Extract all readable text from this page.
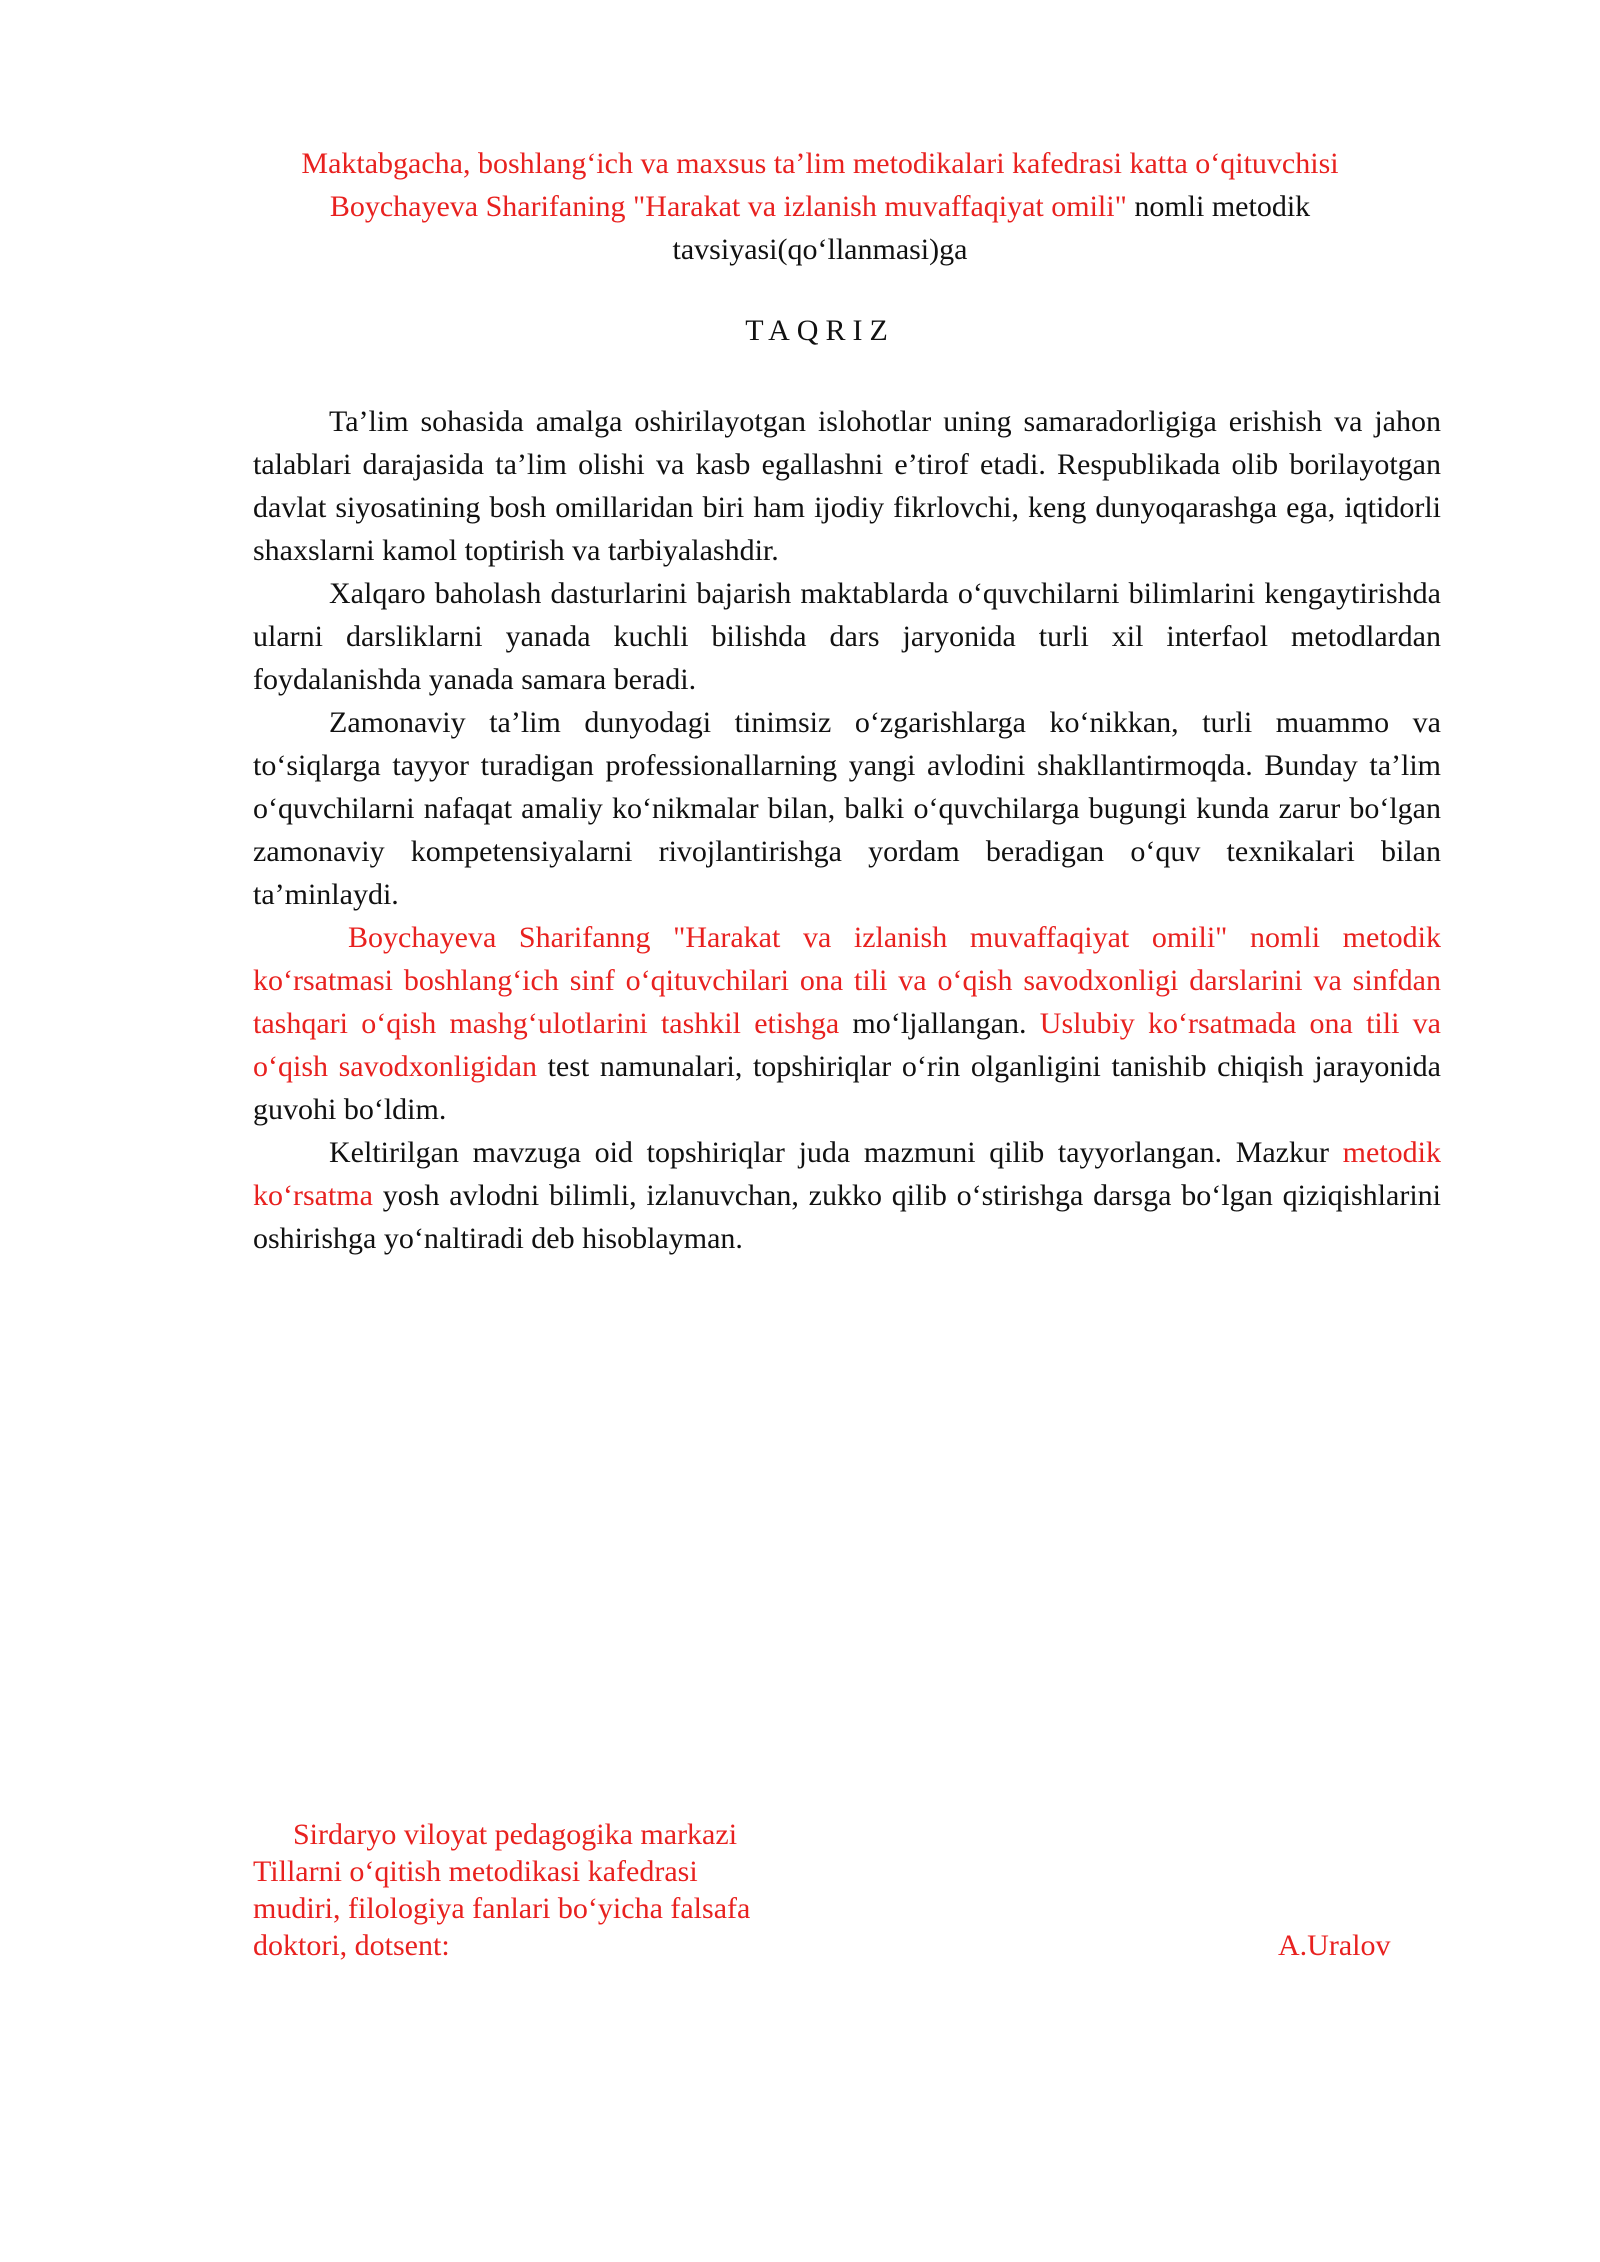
Maktabgacha, boshlang‘ich va maxsus ta’lim metodikalari kafedrasi katta o‘qituvchisi
Boychayeva Sharifaning "Harakat va izlanish muvaffaqiyat omili" nomli metodik
tavsiyasi(qo‘llanmasi)ga
TAQRIZ

Ta’lim sohasida amalga oshirilayotgan islohotlar uning samaradorligiga erishish va jahon talablari darajasida ta’lim olishi va kasb egallashni e’tirof etadi. Respublikada olib borilayotgan davlat siyosatining bosh omillaridan biri ham ijodiy fikrlovchi, keng dunyoqarashga ega, iqtidorli shaxslarni kamol toptirish va tarbiyalashdir.

Xalqaro baholash dasturlarini bajarish maktablarda o‘quvchilarni bilimlarini kengaytirishda ularni darsliklarni yanada kuchli bilishda dars jaryonida turli xil interfaol metodlardan foydalanishda yanada samara beradi.

Zamonaviy ta’lim dunyodagi tinimsiz o‘zgarishlarga ko‘nikkan, turli muammo va to‘siqlarga tayyor turadigan professionallarning yangi avlodini shakllantirmoqda. Bunday ta’lim o‘quvchilarni nafaqat amaliy ko‘nikmalar bilan, balki o‘quvchilarga bugungi kunda zarur bo‘lgan zamonaviy kompetensiyalarni rivojlantirishga yordam beradigan o‘quv texnikalari bilan ta’minlaydi.

Boychayeva Sharifanng "Harakat va izlanish muvaffaqiyat omili" nomli metodik ko‘rsatmasi boshlang‘ich sinf o‘qituvchilari ona tili va o‘qish savodxonligi darslarini va sinfdan tashqari o‘qish mashg‘ulotlarini tashkil etishga mo‘ljallangan. Uslubiy ko‘rsatmada ona tili va o‘qish savodxonligidan test namunalari, topshiriqlar o‘rin olganligini tanishib chiqish jarayonida guvohi bo‘ldim.

Keltirilgan mavzuga oid topshiriqlar juda mazmuni qilib tayyorlangan. Mazkur metodik ko‘rsatma yosh avlodni bilimli, izlanuvchan, zukko qilib o‘stirishga darsga bo‘lgan qiziqishlarini oshirishga yo‘naltiradi deb hisoblayman.

Sirdaryo viloyat pedagogika markazi
Tillarni o‘qitish metodikasi kafedrasi
mudiri, filologiya fanlari bo‘yicha falsafa
doktori, dotsent:	A.Uralov
